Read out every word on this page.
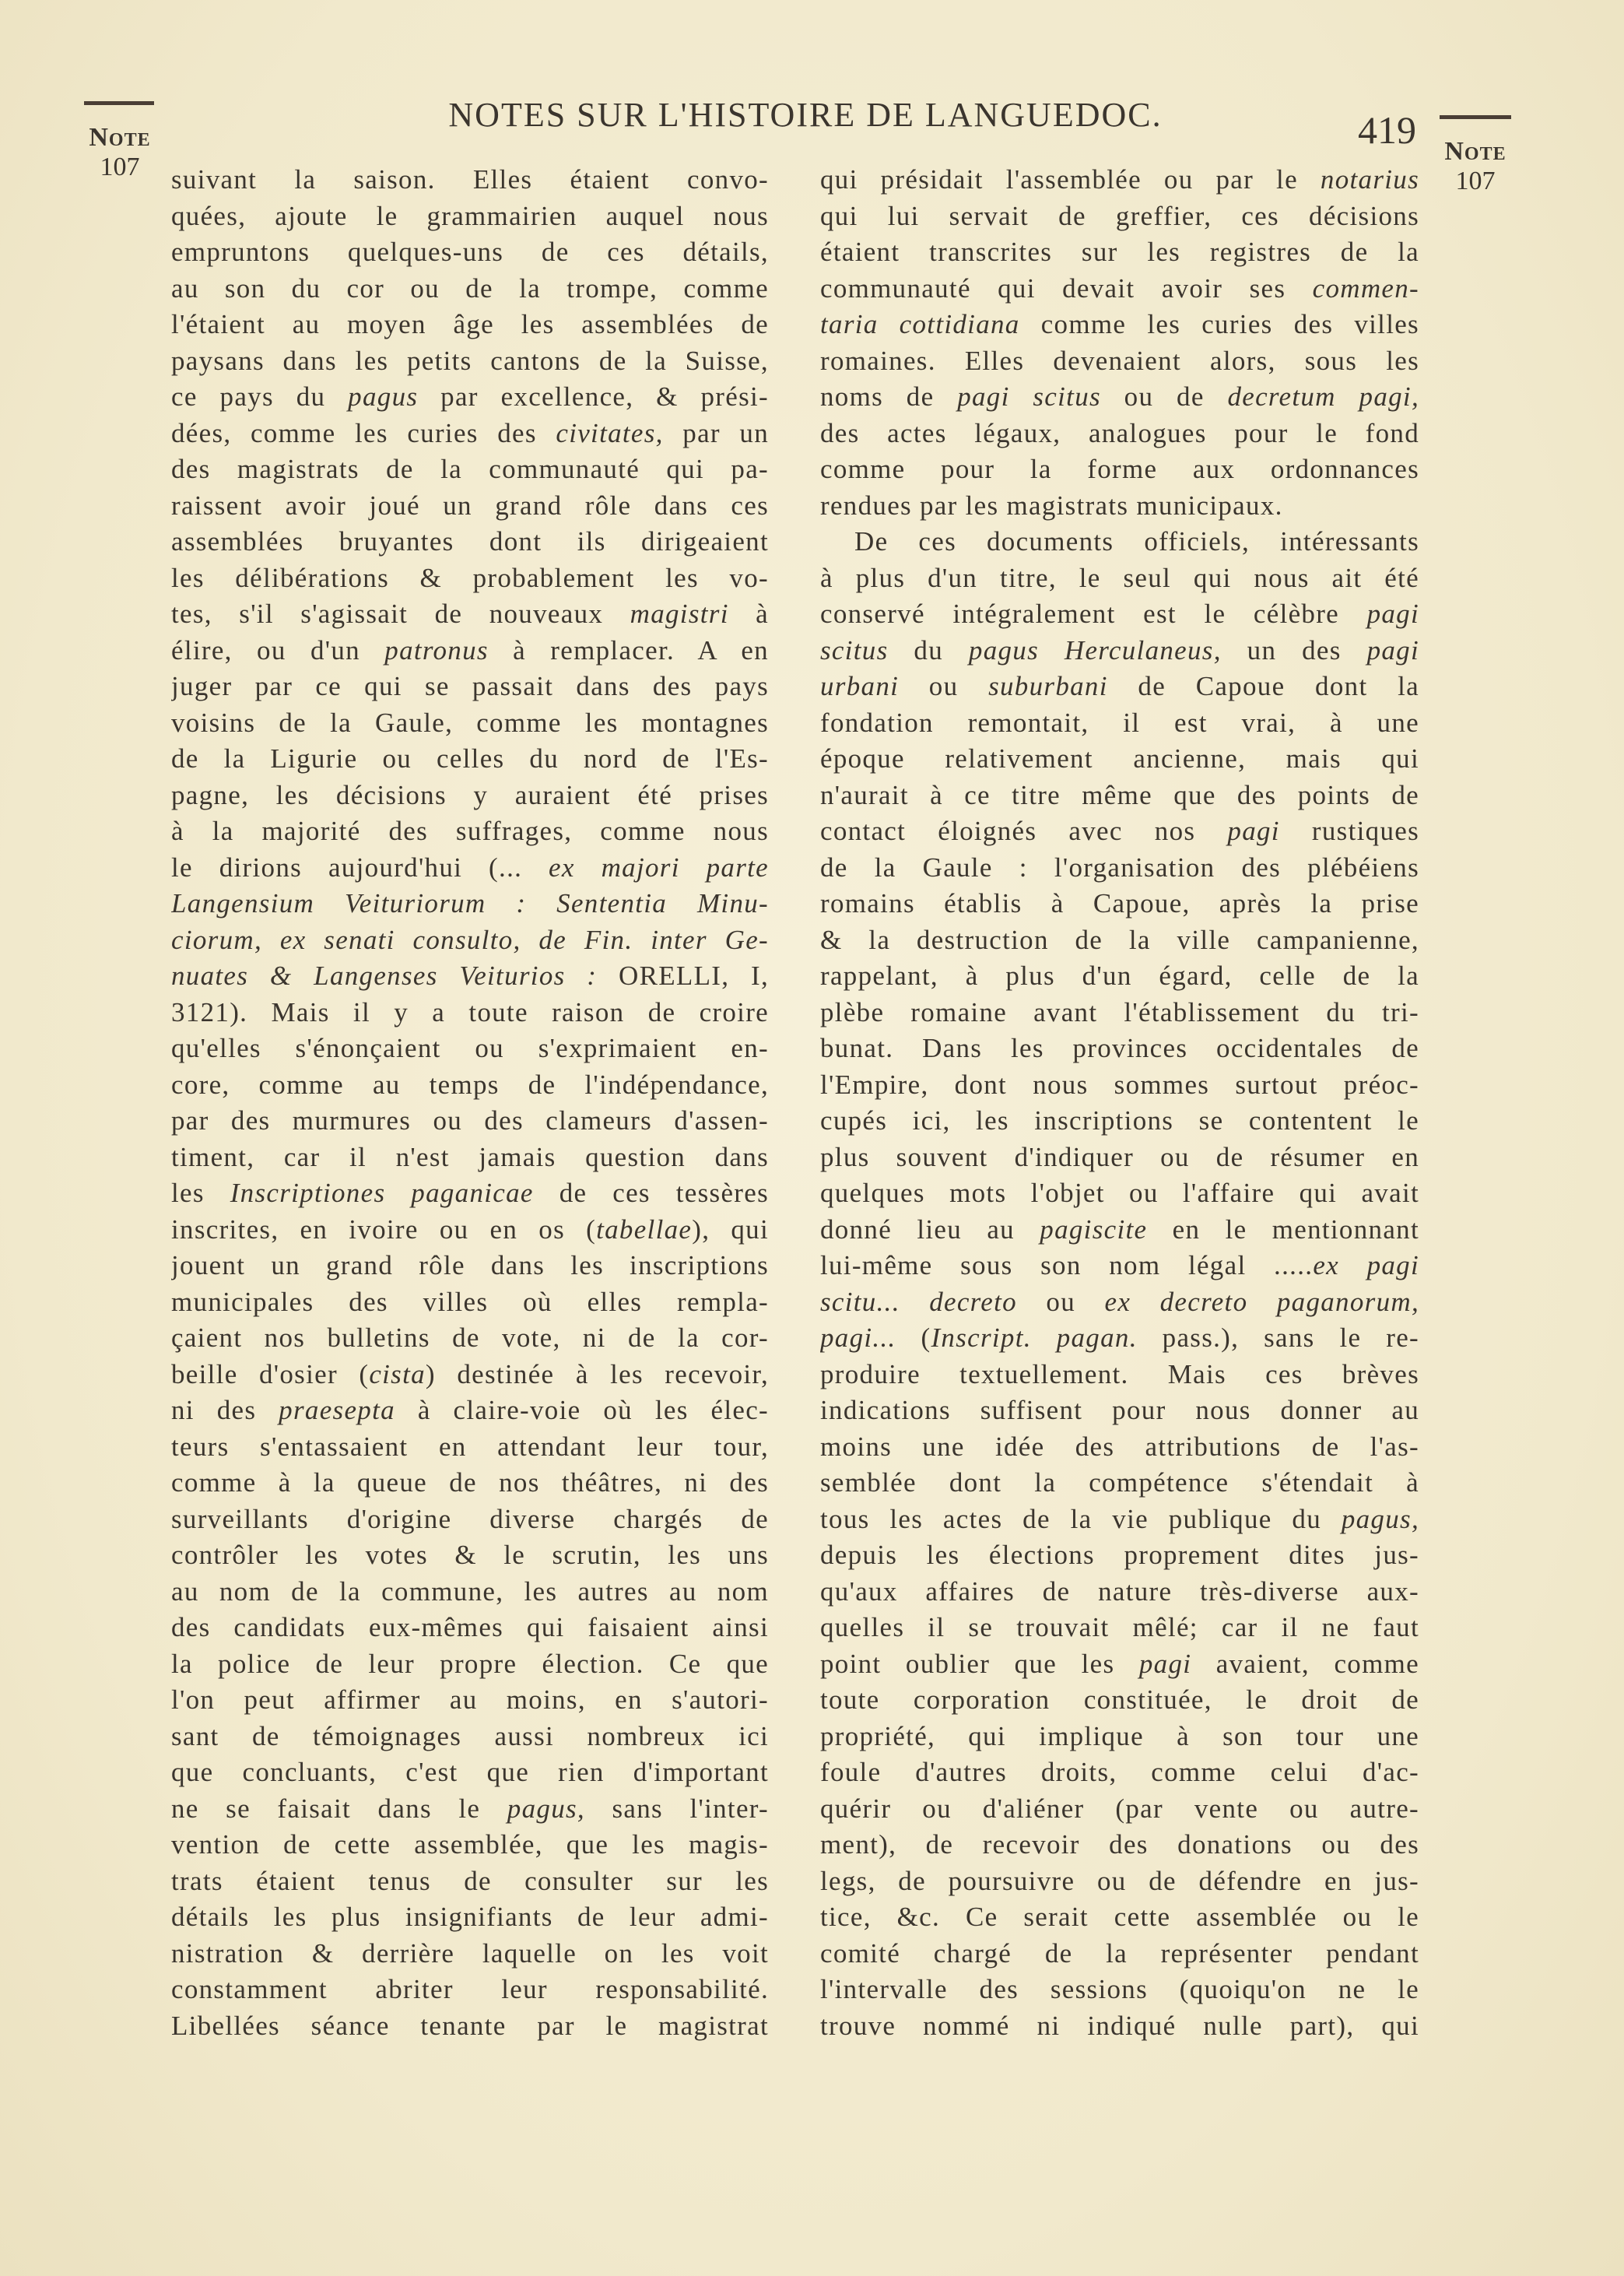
Note
107
NOTES SUR L'HISTOIRE DE LANGUEDOC.	419 Note
107
suivant la saison. Elles étaient convo-
quées, ajoute le grammairien auquel nous
empruntons quelques-uns de ces détails,
au son du cor ou de la trompe, comme
l'étaient au moyen âge les assemblées de
paysans dans les petits cantons de la Suisse,
ce pays du pagus par excellence, & prési-
dées, comme les curies des civitates, par un
des magistrats de la communauté qui pa-
raissent avoir joué un grand rôle dans ces
assemblées bruyantes dont ils dirigeaient
les délibérations & probablement les vo-
tes, s'il s'agissait de nouveaux magistri à
élire, ou d'un patronus à remplacer. A en
juger par ce qui se passait dans des pays
voisins de la Gaule, comme les montagnes
de la Ligurie ou celles du nord de l'Es-
pagne, les décisions y auraient été prises
à la majorité des suffrages, comme nous
le dirions aujourd'hui (... ex majori parte
Langensium Veituriorum : Sententia Minu-
ciorum, ex senati consulto, de Fin. inter Ge-
nuates & Langenses Veiturios : ORELLI, I,
3121). Mais il y a toute raison de croire
qu'elles s'énonçaient ou s'exprimaient en-
core, comme au temps de l'indépendance,
par des murmures ou des clameurs d'assen-
timent, car il n'est jamais question dans
les Inscriptiones paganicae de ces tessères
inscrites, en ivoire ou en os (tabellae), qui
jouent un grand rôle dans les inscriptions
municipales des villes où elles rempla-
çaient nos bulletins de vote, ni de la cor-
beille d'osier (cista) destinée à les recevoir,
ni des praesepta à claire-voie où les élec-
teurs s'entassaient en attendant leur tour,
comme à la queue de nos théâtres, ni des
surveillants d'origine diverse chargés de
contrôler les votes & le scrutin, les uns
au nom de la commune, les autres au nom
des candidats eux-mêmes qui faisaient ainsi
la police de leur propre élection. Ce que
l'on peut affirmer au moins, en s'autori-
sant de témoignages aussi nombreux ici
que concluants, c'est que rien d'important
ne se faisait dans le pagus, sans l'inter-
vention de cette assemblée, que les magis-
trats étaient tenus de consulter sur les
détails les plus insignifiants de leur admi-
nistration & derrière laquelle on les voit
constamment abriter leur responsabilité.
Libellées séance tenante par le magistrat
qui présidait l'assemblée ou par le notarius
qui lui servait de greffier, ces décisions
étaient transcrites sur les registres de la
communauté qui devait avoir ses commen-
taria cottidiana comme les curies des villes
romaines. Elles devenaient alors, sous les
noms de pagi scitus ou de decretum pagi,
des actes légaux, analogues pour le fond
comme pour la forme aux ordonnances
rendues par les magistrats municipaux.
De ces documents officiels, intéressants
à plus d'un titre, le seul qui nous ait été
conservé intégralement est le célèbre pagi
scitus du pagus Herculaneus, un des pagi
urbani ou suburbani de Capoue dont la
fondation remontait, il est vrai, à une
époque relativement ancienne, mais qui
n'aurait à ce titre même que des points de
contact éloignés avec nos pagi rustiques
de la Gaule : l'organisation des plébéiens
romains établis à Capoue, après la prise
& la destruction de la ville campanienne,
rappelant, à plus d'un égard, celle de la
plèbe romaine avant l'établissement du tri-
bunat. Dans les provinces occidentales de
l'Empire, dont nous sommes surtout préoc-
cupés ici, les inscriptions se contentent le
plus souvent d'indiquer ou de résumer en
quelques mots l'objet ou l'affaire qui avait
donné lieu au pagiscite en le mentionnant
lui-même sous son nom légal .....ex pagi
scitu... decreto ou ex decreto paganorum,
pagi... (Inscript. pagan. pass.), sans le re-
produire textuellement. Mais ces brèves
indications suffisent pour nous donner au
moins une idée des attributions de l'as-
semblée dont la compétence s'étendait à
tous les actes de la vie publique du pagus,
depuis les élections proprement dites jus-
qu'aux affaires de nature très-diverse aux-
quelles il se trouvait mêlé; car il ne faut
point oublier que les pagi avaient, comme
toute corporation constituée, le droit de
propriété, qui implique à son tour une
foule d'autres droits, comme celui d'ac-
quérir ou d'aliéner (par vente ou autre-
ment), de recevoir des donations ou des
legs, de poursuivre ou de défendre en jus-
tice, &c. Ce serait cette assemblée ou le
comité chargé de la représenter pendant
l'intervalle des sessions (quoiqu'on ne le
trouve nommé ni indiqué nulle part), qui
